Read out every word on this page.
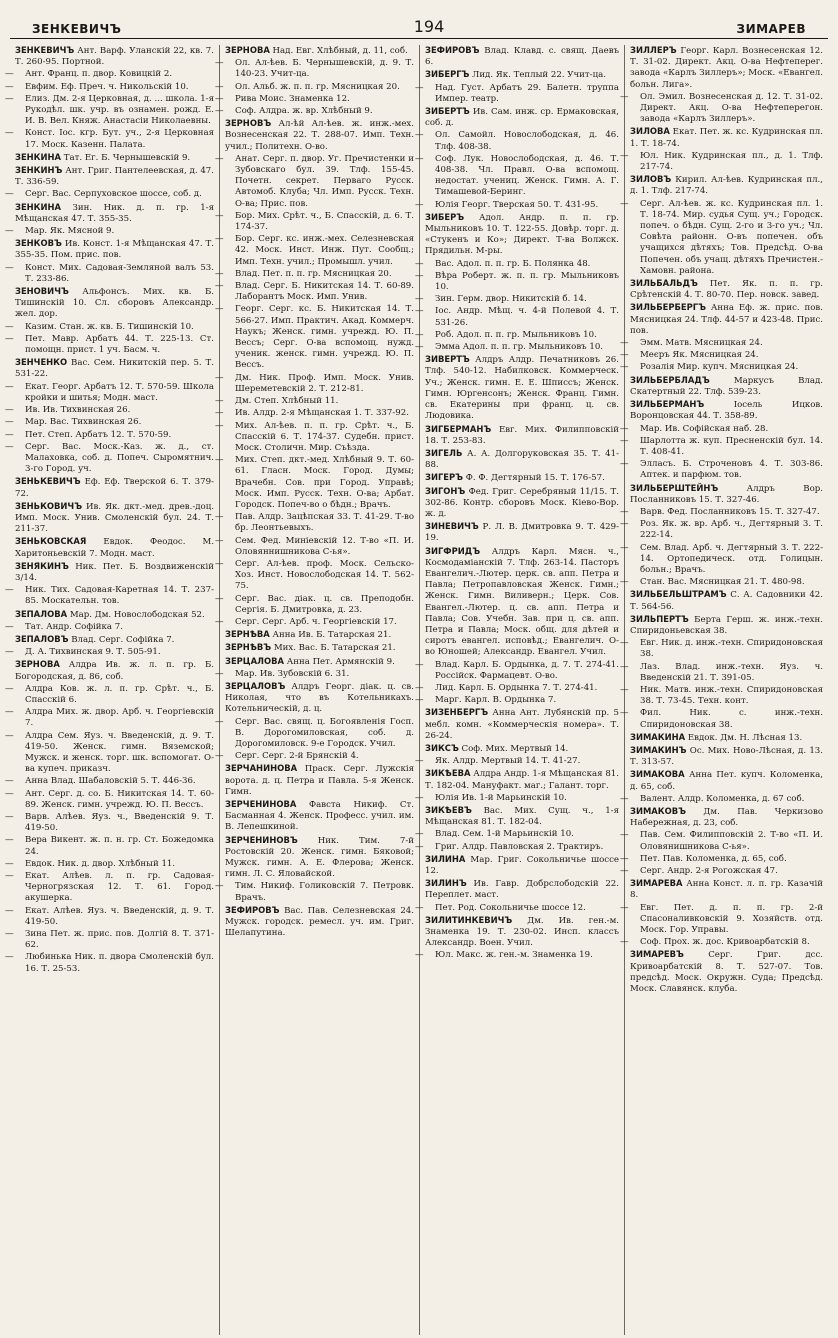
ЗЕНКЕВИЧЪ	194	ЗИМАРЕВ

ЗЕНКЕВИЧЪ Ант. Варф. Уланскій 22, кв. 7. Т. 260-95. Портной.

— Ант. Франц. п. двор. Ковицкій 2.

— Евфим. Еф. Преч. ч. Никольскій 10.

— Елиз. Дм. 2-я Церковная, д. ... школа. 1-я Рукодѣл. шк. учр. въ ознамен. рожд. Е. И. В. Вел. Княж. Анастасіи Николаевны.

— Конст. Іос. кгр. Бут. уч., 2-я Церковная 17. Моск. Казенн. Палата.

ЗЕНКИНА Тат. Ег. Б. Чернышевскій 9.

ЗЕНКИНЪ Ант. Григ. Пантелеевская, д. 47. Т. 336-59.

— Серг. Вас. Серпуховское шоссе, соб. д.

ЗЕНКИНА Зин. Ник. д. п. гр. 1-я Мѣщанская 47. Т. 355-35.

— Мар. Як. Мясной 9.

ЗЕНКОВЪ Ив. Конст. 1-я Мѣщанская 47. Т. 355-35. Пом. прис. пов.

— Конст. Мих. Садовая-Земляной валъ 53. Т. 233-86.

ЗЕНОВИЧЪ Альфонсъ. Мих. кв. Б. Тишинскій 10. Сл. сборовъ Александр. жел. дор.

— Казим. Стан. ж. кв. Б. Тишинскій 10.

— Пет. Мавр. Арбатъ 44. Т. 225-13. Ст. помощн. прист. 1 уч. Басм. ч.

ЗЕНЧЕНКО Вас. Сем. Никитскій пер. 5. Т. 531-22.

— Екат. Георг. Арбатъ 12. Т. 570-59. Школа кройки и шитья; Модн. маст.

— Ив. Ив. Тихвинская 26.

— Мар. Вас. Тихвинская 26.

— Пет. Степ. Арбатъ 12. Т. 570-59.

— Серг. Вас. Моск.-Каз. ж. д., ст. Малаховка, соб. д. Попеч. Сыромятнич. 3-го Город. уч.

ЗЕНЬКЕВИЧЪ Еф. Еф. Тверской 6. Т. 379-72.

ЗЕНЬКОВИЧЪ Ив. Як. дкт.-мед. древ.-доц. Имп. Моск. Унив. Смоленскій бул. 24. Т. 211-37.

ЗЕНЬКОВСКАЯ Евдок. Феодос. М. Харитоньевскій 7. Модн. маст.

ЗЕНЯКИНЪ Ник. Пет. Б. Воздвиженскій 3/14.

— Ник. Тих. Садовая-Каретная 14. Т. 237-85. Москательн. тов.

ЗЕПАЛОВА Мар. Дм. Новослободская 52.

— Тат. Андр. Софійка 7.

ЗЕПАЛОВЪ Влад. Серг. Софійка 7.

— Д. А. Тихвинская 9. Т. 505-91.

ЗЕРНОВА Алдра Ив. ж. л. п. гр. Б. Богородская, д. 86, соб.

— Алдра Ков. ж. л. п. гр. Срѣт. ч., Б. Спасскій 6.

— Алдра Мих. ж. двор. Арб. ч. Георгіевскій 7.

— Алдра Сем. Яуз. ч. Введенскій, д. 9. Т. 419-50. Женск. гимн. Вяземской; Мужск. и женск. торг. шк. вспомогат. О-ва купеч. приказч.

— Анна Влад. Шабаловскій 5. Т. 446-36.

— Ант. Серг. д. со. Б. Никитская 14. Т. 60-89. Женск. гимн. учрежд. Ю. П. Вессъ.

— Варв. Алѣев. Яуз. ч., Введенскій 9. Т. 419-50.

— Вера Викент. ж. п. н. гр. Ст. Божедомка 24.

— Евдок. Ник. д. двор. Хлѣбный 11.

— Екат. Алѣев. л. п. гр. Садовая-Черногрязская 12. Т. 61. Город. акушерка.

— Екат. Алѣев. Яуз. ч. Введенскій, д. 9. Т. 419-50.

— Зина Пет. ж. прис. пов. Долгій 8. Т. 371-62.

— Любинька Ник. п. двора Смоленскій бул. 16. Т. 25-53.

ЗЕРНОВА Над. Евг. Хлѣбный, д. 11, соб.

— Ол. Ал-ѣев. Б. Чернышевскій, д. 9. Т. 140-23. Учит-ца.

— Ол. Альб. ж. п. п. гр. Мясницкая 20.

— Рива Моис. Знаменка 12.

— Соф. Алдра. ж. вр. Хлѣбный 9.

ЗЕРНОВЪ Ал-ѣй Ал-ѣев. ж. инж.-мех. Вознесенская 22. Т. 288-07. Имп. Техн. учил.; Политехн. О-во.

— Анат. Серг. п. двор. Уг. Пречистенки и Зубовскаго бул. 39. Тлф. 155-45. Почетн. секрет. Перваго Русск. Автомоб. Клуба; Чл. Имп. Русск. Техн. О-ва; Прис. пов.

— Бор. Мих. Срѣт. ч., Б. Спасскій, д. 6. Т. 174-37.

— Бор. Серг. кс. инж.-мех. Селезневская 42. Моск. Инст. Инж. Пут. Сообщ.; Имп. Техн. учил.; Промышл. учил.

— Влад. Пет. п. п. гр. Мясницкая 20.

— Влад. Серг. Б. Никитская 14. Т. 60-89. Лаборантъ Моск. Имп. Унив.

— Георг. Серг. кс. Б. Никитская 14. Т. 566-27. Имп. Практич. Акад. Коммерч. Наукъ; Женск. гимн. учрежд. Ю. П. Вессъ; Серг. О-ва вспомощ. нужд. ученик. женск. гимн. учрежд. Ю. П. Вессъ.

— Дм. Ник. Проф. Имп. Моск. Унив. Шереметевскій 2. Т. 212-81.

— Дм. Степ. Хлѣбный 11.

— Ив. Алдр. 2-я Мѣщанская 1. Т. 337-92.

— Мих. Ал-ѣев. п. п. гр. Срѣт. ч., Б. Спасскій 6. Т. 174-37. Судебн. прист. Моск. Столичн. Мир. Съѣзда.

— Мих. Степ. дкт.-мед. Хлѣбный 9. Т. 60-61. Гласн. Моск. Город. Думы; Врачебн. Сов. при Город. Управѣ; Моск. Имп. Русск. Техн. О-ва; Арбат. Городск. Попеч-во о бѣдн.; Врачъ.

— Пав. Алдр. Зацѣпская 33. Т. 41-29. Т-во бр. Леонтьевыхъ.

— Сем. Фед. Миніевскій 12. Т-во «П. И. Оловяннишникова С-ья».

— Серг. Ал-ѣев. проф. Моск. Сельско-Хоз. Инст. Новослободская 14. Т. 562-75.

— Серг. Вас. діак. ц. св. Преподобн. Сергія. Б. Дмитровка, д. 23.

— Серг. Серг. Арб. ч. Георгіевскій 17.

ЗЕРНѢВА Анна Ив. Б. Татарская 21.

ЗЕРНѢВЪ Мих. Вас. Б. Татарская 21.

ЗЕРЦАЛОВА Анна Пет. Армянскій 9.

— Мар. Ив. Зубовскій 6. 31.

ЗЕРЦАЛОВЪ Алдръ Георг. діак. ц. св. Николая, что въ Котельникахъ. Котельническій, д. ц.

— Серг. Вас. свящ. ц. Богоявленія Госп. В. Дорогомиловская, соб. д. Дорогомиловск. 9-е Городск. Учил.

— Серг. Серг. 2-й Брянскій 4.

ЗЕРЧАНИНОВА Праск. Серг. Лужскія ворота. д. ц. Петра и Павла. 5-я Женск. Гимн.

ЗЕРЧЕНИНОВА Фавста Никиф. Ст. Басманная 4. Женск. Професс. учил. им. В. Лепешкиной.

ЗЕРЧЕНИНОВЪ Ник. Тим. 7-й Ростовскій 20. Женск. гимн. Бяковой; Мужск. гимн. А. Е. Флерова; Женск. гимн. Л. С. Яловайской.

— Тим. Никиф. Голиковскій 7. Петровк. Врачъ.

ЗЕФИРОВЪ Вас. Пав. Селезневская 24. Мужск. городск. ремесл. уч. им. Григ. Шелапутина.

ЗЕФИРОВЪ Влад. Клавд. с. свящ. Даевъ 6.

ЗИБЕРГЪ Лид. Як. Теплый 22. Учит-ца.

— Над. Густ. Арбатъ 29. Балетн. труппа Импер. театр.

ЗИБЕРТЪ Ив. Сам. инж. ср. Ермаковская, соб. д.

— Ол. Самойл. Новослободская, д. 46. Тлф. 408-38.

— Соф. Лук. Новослободская, д. 46. Т. 408-38. Чл. Правл. О-ва вспомощ. недостат. учениц. Женск. Гимн. А. Г. Тимашевой-Беринг.

— Юлія Георг. Тверская 50. Т. 431-95.

ЗИБЕРЪ Адол. Андр. п. п. гр. Мыльниковъ 10. Т. 122-55. Довѣр. торг. д. «Стукенъ и Ко»; Директ. Т-ва Волжск. Прядильн. М-ры.

— Вас. Адол. п. п. гр. Б. Полянка 48.

— Вѣра Роберт. ж. п. п. гр. Мыльниковъ 10.

— Зин. Герм. двор. Никитскій б. 14.

— Іос. Андр. Мѣщ. ч. 4-й Полевой 4. Т. 531-26.

— Роб. Адол. п. п. гр. Мыльниковъ 10.

— Эмма Адол. п. п. гр. Мыльниковъ 10.

ЗИВЕРТЪ Алдръ Алдр. Печатниковъ 26. Тлф. 540-12. Набилковск. Коммерческ. Уч.; Женск. гимн. Е. Е. Шписсъ; Женск. Гимн. Юргенсонъ; Женск. Франц. Гимн. св. Екатерины при франц. ц. св. Людовика.

ЗИГБЕРМАНЪ Евг. Мих. Филипповскій 18. Т. 253-83.

ЗИГЕЛЬ А. А. Долгоруковская 35. Т. 41-88.

ЗИГЕРЪ Ф. Ф. Дегтярный 15. Т. 176-57.

ЗИГОНЪ Фед. Григ. Серебряный 11/15. Т. 302-86. Контр. сборовъ Моск. Кіево-Вор. ж. д.

ЗИНЕВИЧЪ Р. Л. В. Дмитровка 9. Т. 429-19.

ЗИГФРИДЪ Алдръ Карл. Мясн. ч., Космодаміанскій 7. Тлф. 263-14. Пасторъ Евангелич.-Лютер. церк. св. апп. Петра и Павла; Петропавловская Женск. Гимн.; Женск. Гимн. Виливерн.; Церк. Сов. Евангел.-Лютер. ц. св. апп. Петра и Павла; Сов. Учебн. Зав. при ц. св. апп. Петра и Павла; Моск. общ. для дѣтей и сиротъ евангел. исповѣд.; Евангелич. О-во Юношей; Александр. Евангел. Учил.

— Влад. Карл. Б. Ордынка, д. 7. Т. 274-41. Россійск. Фармацевт. О-во.

— Лид. Карл. Б. Ордынка 7. Т. 274-41.

— Марг. Карл. В. Ордынка 7.

ЗИЗЕНБЕРГЪ Анна Ант. Лубянскій пр. 5 мебл. комн. «Коммерческія номера». Т. 26-24.

ЗИКСЪ Соф. Мих. Мертвый 14.

— Як. Алдр. Мертвый 14. Т. 41-27.

ЗИКѢЕВА Алдра Андр. 1-я Мѣщанская 81. Т. 182-04. Мануфакт. маг.; Галант. торг.

— Юлія Ив. 1-й Марьинскій 10.

ЗИКѢЕВЪ Вас. Мих. Сущ. ч., 1-я Мѣщанская 81. Т. 182-04.

— Влад. Сем. 1-й Марьинскій 10.

— Григ. Алдр. Павловская 2. Трактиръ.

ЗИЛИНА Мар. Григ. Сокольничье шоссе 12.

ЗИЛИНЪ Ив. Гавр. Добрслободскій 22. Переплет. маст.

— Пет. Род. Сокольничье шоссе 12.

ЗИЛИТИНКЕВИЧЪ Дм. Ив. ген.-м. Знаменка 19. Т. 230-02. Инсп. классъ Александр. Воен. Учил.

— Юл. Макс. ж. ген.-м. Знаменка 19.

ЗИЛЛЕРЪ Георг. Карл. Вознесенская 12. Т. 31-02. Директ. Акц. О-ва Нефтеперег. завода «Карлъ Зиллеръ»; Моск. «Евангел. больн. Лига».

— Ол. Эмил. Вознесенская д. 12. Т. 31-02. Директ. Акц. О-ва Нефтеперегон. завода «Карлъ Зиллеръ».

ЗИЛОВА Екат. Пет. ж. кс. Кудринская пл. 1. Т. 18-74.

— Юл. Ник. Кудринская пл., д. 1. Тлф. 217-74.

ЗИЛОВЪ Кирил. Ал-ѣев. Кудринская пл., д. 1. Тлф. 217-74.

— Серг. Ал-ѣев. ж. кс. Кудринская пл. 1. Т. 18-74. Мир. судья Сущ. уч.; Городск. попеч. о бѣдн. Сущ. 2-го и 3-го уч.; Чл. Совѣта районн. О-въ попечен. объ учащихся дѣтяхъ; Тов. Предсѣд. О-ва Попечен. объ учащ. дѣтяхъ Пречистен.-Хамовн. района.

ЗИЛЬБАЛЬДЪ Пет. Як. п. п. гр. Срѣтенскій 4. Т. 80-70. Пер. новск. завед.

ЗИЛЬБЕРБЕРГЪ Анна Еф. ж. прис. пов. Мясницкая 24. Тлф. 44-57 и 423-48. Прис. пов.

— Эмм. Матв. Мясницкая 24.

— Меєръ Як. Мясницкая 24.

— Розалія Мир. купч. Мясницкая 24.

ЗИЛЬБЕРБЛАДЪ Маркусъ Влад. Скатертный 22. Тлф. 539-23.

ЗИЛЬБЕРМАНЪ Іосель Ицков. Воронцовская 44. Т. 358-89.

— Мар. Ив. Софійская наб. 28.

— Шарлотта ж. куп. Пресненскій бул. 14. Т. 408-41.

— Элласъ. Б. Строченовъ 4. Т. 303-86. Аптек. и парфюм. тов.

ЗИЛЬБЕРШТЕЙНЪ Алдръ Вор. Посланниковъ 15. Т. 327-46.

— Варв. Фед. Посланниковъ 15. Т. 327-47.

— Роз. Як. ж. вр. Арб. ч., Дегтярный 3. Т. 222-14.

— Сем. Влад. Арб. ч. Дегтярный 3. Т. 222-14. Ортопедическ. отд. Голицын. больн.; Врачъ.

— Стан. Вас. Мясницкая 21. Т. 480-98.

ЗИЛЬБЕЛЬШТРАМЪ С. А. Садовники 42. Т. 564-56.

ЗИЛЬПЕРТЪ Берта Герш. ж. инж.-техн. Спиридоньевская 38.

— Евг. Ник. д. инж.-техн. Спиридоновская 38.

— Лаз. Влад. инж.-техн. Яуз. ч. Введенскій 21. Т. 391-05.

— Ник. Матв. инж.-техн. Спиридоновская 38. Т. 73-45. Техн. конт.

— Фил. Ник. с. инж.-техн. Спиридоновская 38.

ЗИМАКИНА Евдок. Дм. Н. Лѣсная 13.

ЗИМАКИНЪ Ос. Мих. Ново-Лѣсная, д. 13. Т. 313-57.

ЗИМАКОВА Анна Пет. купч. Коломенка, д. 65, соб.

— Валент. Алдр. Коломенка, д. 67 соб.

ЗИМАКОВЪ Дм. Пав. Черкизово Набережная, д. 23, соб.

— Пав. Сем. Филипповскій 2. Т-во «П. И. Оловянишникова С-ья».

— Пет. Пав. Коломенка, д. 65, соб.

— Серг. Андр. 2-я Рогожская 47.

ЗИМАРЕВА Анна Конст. л. п. гр. Казачій 8.

— Евг. Пет. д. п. п. гр. 2-й Спасоналивковскій 9. Хозяйств. отд. Моск. Гор. Управы.

— Соф. Прох. ж. дос. Кривоарбатскій 8.

ЗИМАРЕВЪ Серг. Григ. дсс. Кривоарбатскій 8. Т. 527-07. Тов. предсѣд. Моск. Окружн. Суда; Предсѣд. Моск. Славянск. клуба.
